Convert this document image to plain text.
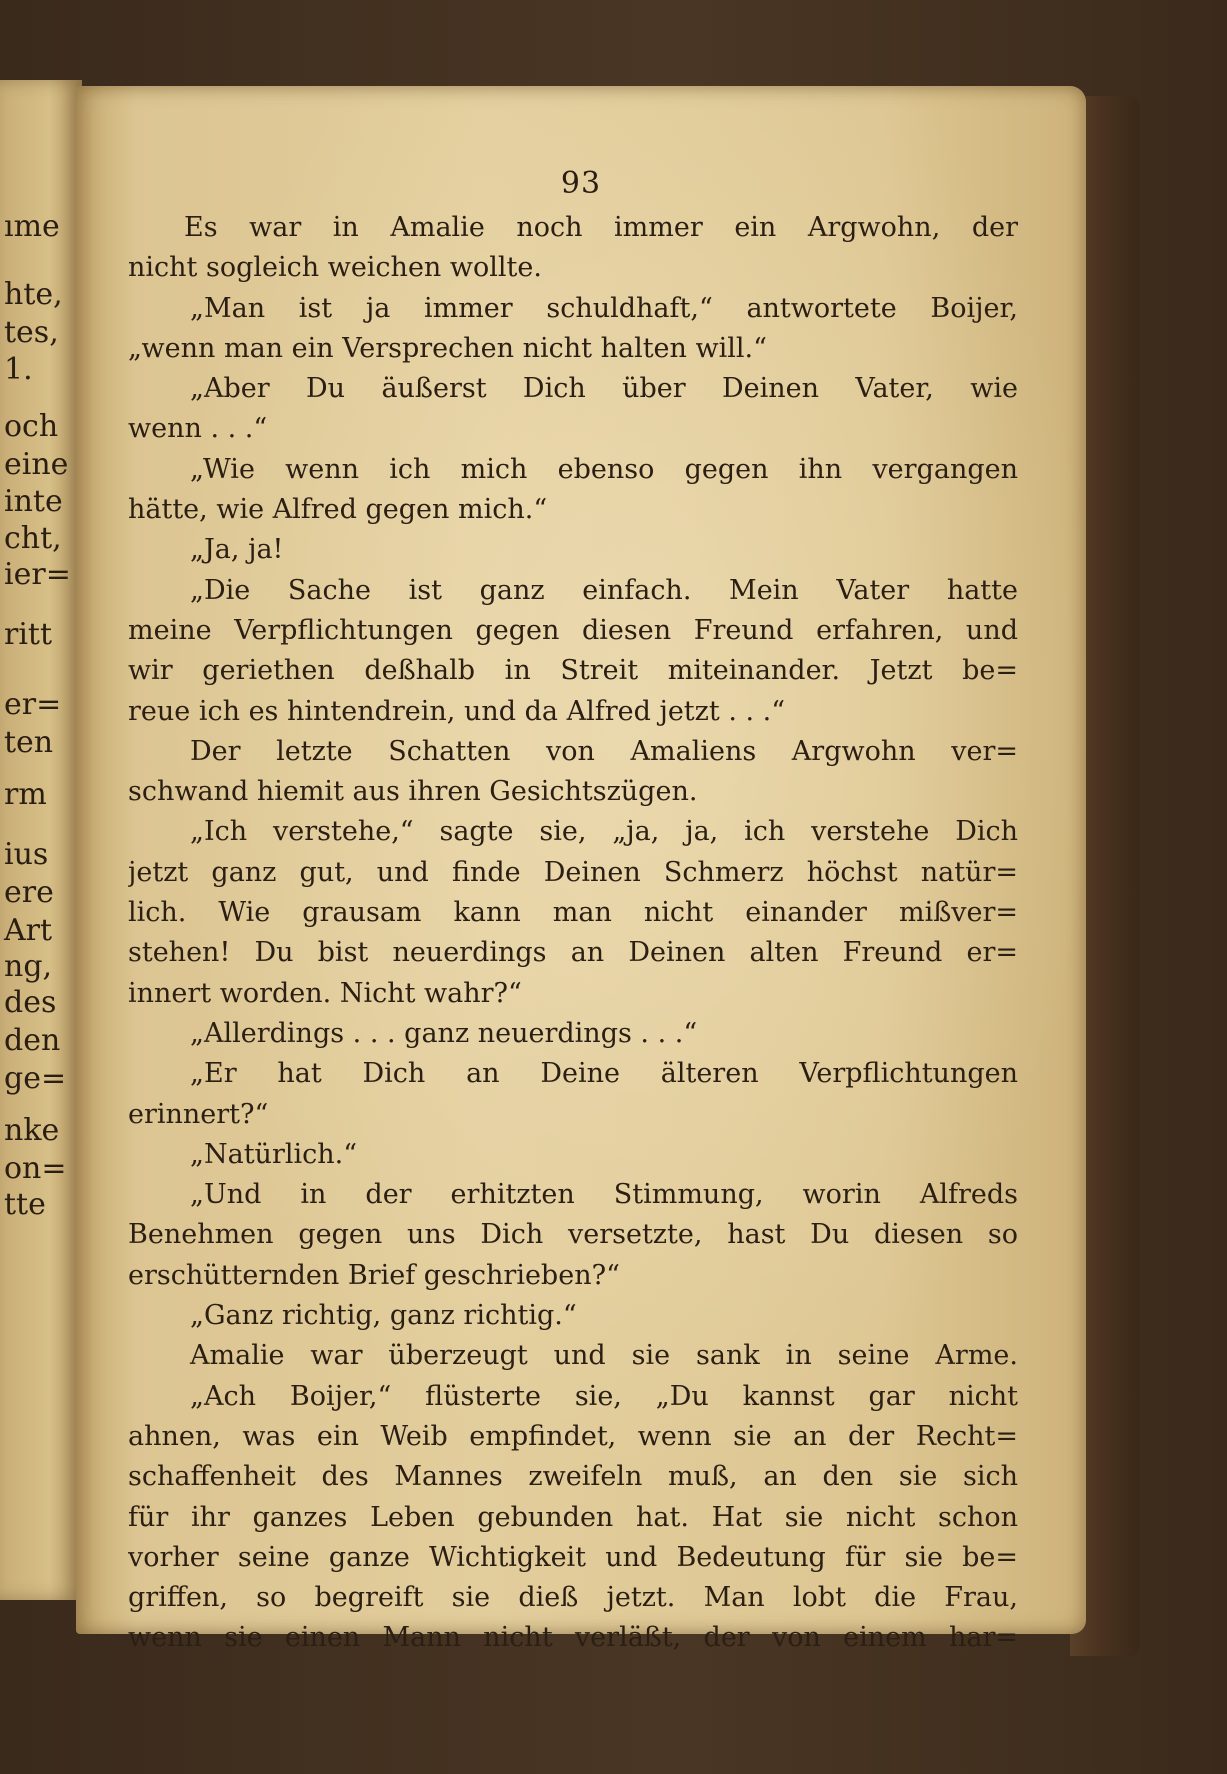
ıme
hte,
tes,
1.
och
eine
inte
cht,
ier=
ritt
er=
ten
rm
ius
ere
Art
ng,
des
den
ge=
nke
on=
tte
93
Es war in Amalie noch immer ein Argwohn, der
nicht sogleich weichen wollte.
„Man ist ja immer schuldhaft,“ antwortete Boijer,
„wenn man ein Versprechen nicht halten will.“
„Aber Du äußerst Dich über Deinen Vater, wie
wenn . . .“
„Wie wenn ich mich ebenso gegen ihn vergangen
hätte, wie Alfred gegen mich.“
„Ja, ja!
„Die Sache ist ganz einfach. Mein Vater hatte
meine Verpflichtungen gegen diesen Freund erfahren, und
wir geriethen deßhalb in Streit miteinander. Jetzt be=
reue ich es hintendrein, und da Alfred jetzt . . .“
Der letzte Schatten von Amaliens Argwohn ver=
schwand hiemit aus ihren Gesichtszügen.
„Ich verstehe,“ sagte sie, „ja, ja, ich verstehe Dich
jetzt ganz gut, und finde Deinen Schmerz höchst natür=
lich. Wie grausam kann man nicht einander mißver=
stehen! Du bist neuerdings an Deinen alten Freund er=
innert worden. Nicht wahr?“
„Allerdings . . . ganz neuerdings . . .“
„Er hat Dich an Deine älteren Verpflichtungen
erinnert?“
„Natürlich.“
„Und in der erhitzten Stimmung, worin Alfreds
Benehmen gegen uns Dich versetzte, hast Du diesen so
erschütternden Brief geschrieben?“
„Ganz richtig, ganz richtig.“
Amalie war überzeugt und sie sank in seine Arme.
„Ach Boijer,“ flüsterte sie, „Du kannst gar nicht
ahnen, was ein Weib empfindet, wenn sie an der Recht=
schaffenheit des Mannes zweifeln muß, an den sie sich
für ihr ganzes Leben gebunden hat. Hat sie nicht schon
vorher seine ganze Wichtigkeit und Bedeutung für sie be=
griffen, so begreift sie dieß jetzt. Man lobt die Frau,
wenn sie einen Mann nicht verläßt, der von einem har=
